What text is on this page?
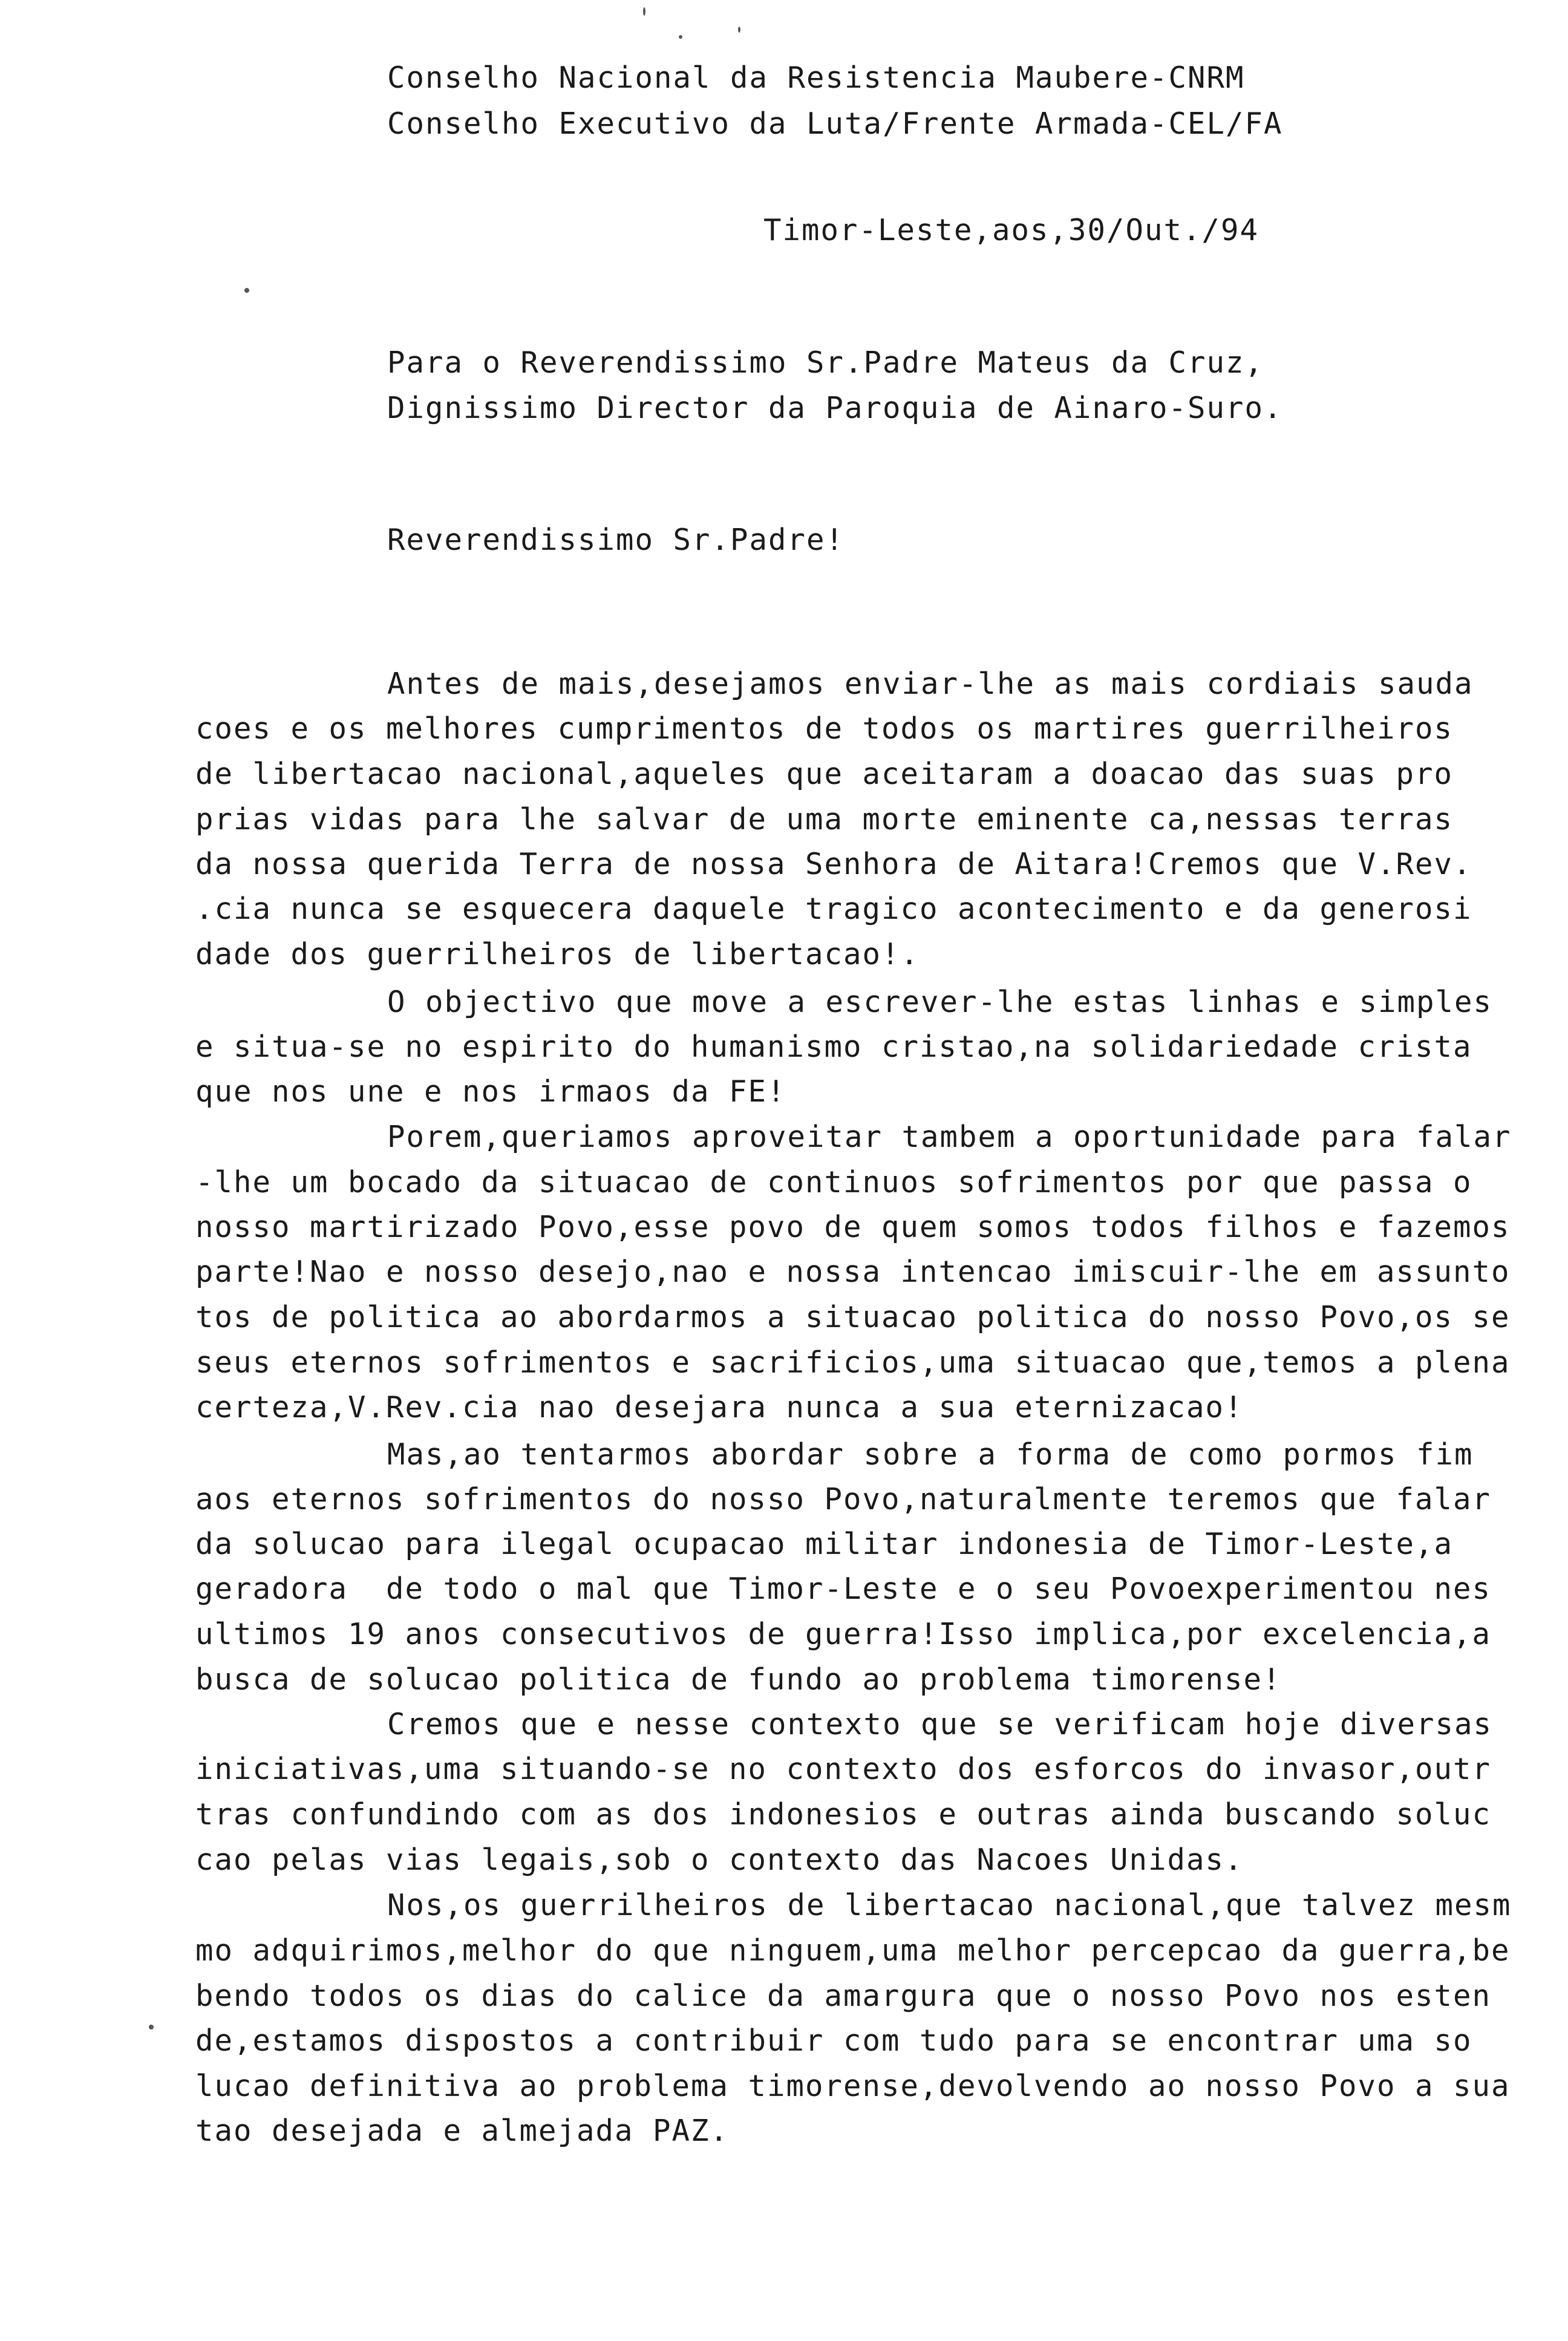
Conselho Nacional da Resistencia Maubere-CNRM
Conselho Executivo da Luta/Frente Armada-CEL/FA
Timor-Leste,aos,30/Out./94
Para o Reverendissimo Sr.Padre Mateus da Cruz,
Dignissimo Director da Paroquia de Ainaro-Suro.
Reverendissimo Sr.Padre!
Antes de mais,desejamos enviar-lhe as mais cordiais sauda
coes e os melhores cumprimentos de todos os martires guerrilheiros
de libertacao nacional,aqueles que aceitaram a doacao das suas pro
prias vidas para lhe salvar de uma morte eminente ca,nessas terras
da nossa querida Terra de nossa Senhora de Aitara!Cremos que V.Rev.
.cia nunca se esquecera daquele tragico acontecimento e da generosi
dade dos guerrilheiros de libertacao!.
O objectivo que move a escrever-lhe estas linhas e simples
e situa-se no espirito do humanismo cristao,na solidariedade crista
que nos une e nos irmaos da FE!
Porem,queriamos aproveitar tambem a oportunidade para falar
-lhe um bocado da situacao de continuos sofrimentos por que passa o
nosso martirizado Povo,esse povo de quem somos todos filhos e fazemos
parte!Nao e nosso desejo,nao e nossa intencao imiscuir-lhe em assunto
tos de politica ao abordarmos a situacao politica do nosso Povo,os se
seus eternos sofrimentos e sacrificios,uma situacao que,temos a plena
certeza,V.Rev.cia nao desejara nunca a sua eternizacao!
Mas,ao tentarmos abordar sobre a forma de como pormos fim
aos eternos sofrimentos do nosso Povo,naturalmente teremos que falar
da solucao para ilegal ocupacao militar indonesia de Timor-Leste,a
geradora  de todo o mal que Timor-Leste e o seu Povoexperimentou nes
ultimos 19 anos consecutivos de guerra!Isso implica,por excelencia,a
busca de solucao politica de fundo ao problema timorense!
Cremos que e nesse contexto que se verificam hoje diversas
iniciativas,uma situando-se no contexto dos esforcos do invasor,outr
tras confundindo com as dos indonesios e outras ainda buscando soluc
cao pelas vias legais,sob o contexto das Nacoes Unidas.
Nos,os guerrilheiros de libertacao nacional,que talvez mesm
mo adquirimos,melhor do que ninguem,uma melhor percepcao da guerra,be
bendo todos os dias do calice da amargura que o nosso Povo nos esten
de,estamos dispostos a contribuir com tudo para se encontrar uma so
lucao definitiva ao problema timorense,devolvendo ao nosso Povo a sua
tao desejada e almejada PAZ.
